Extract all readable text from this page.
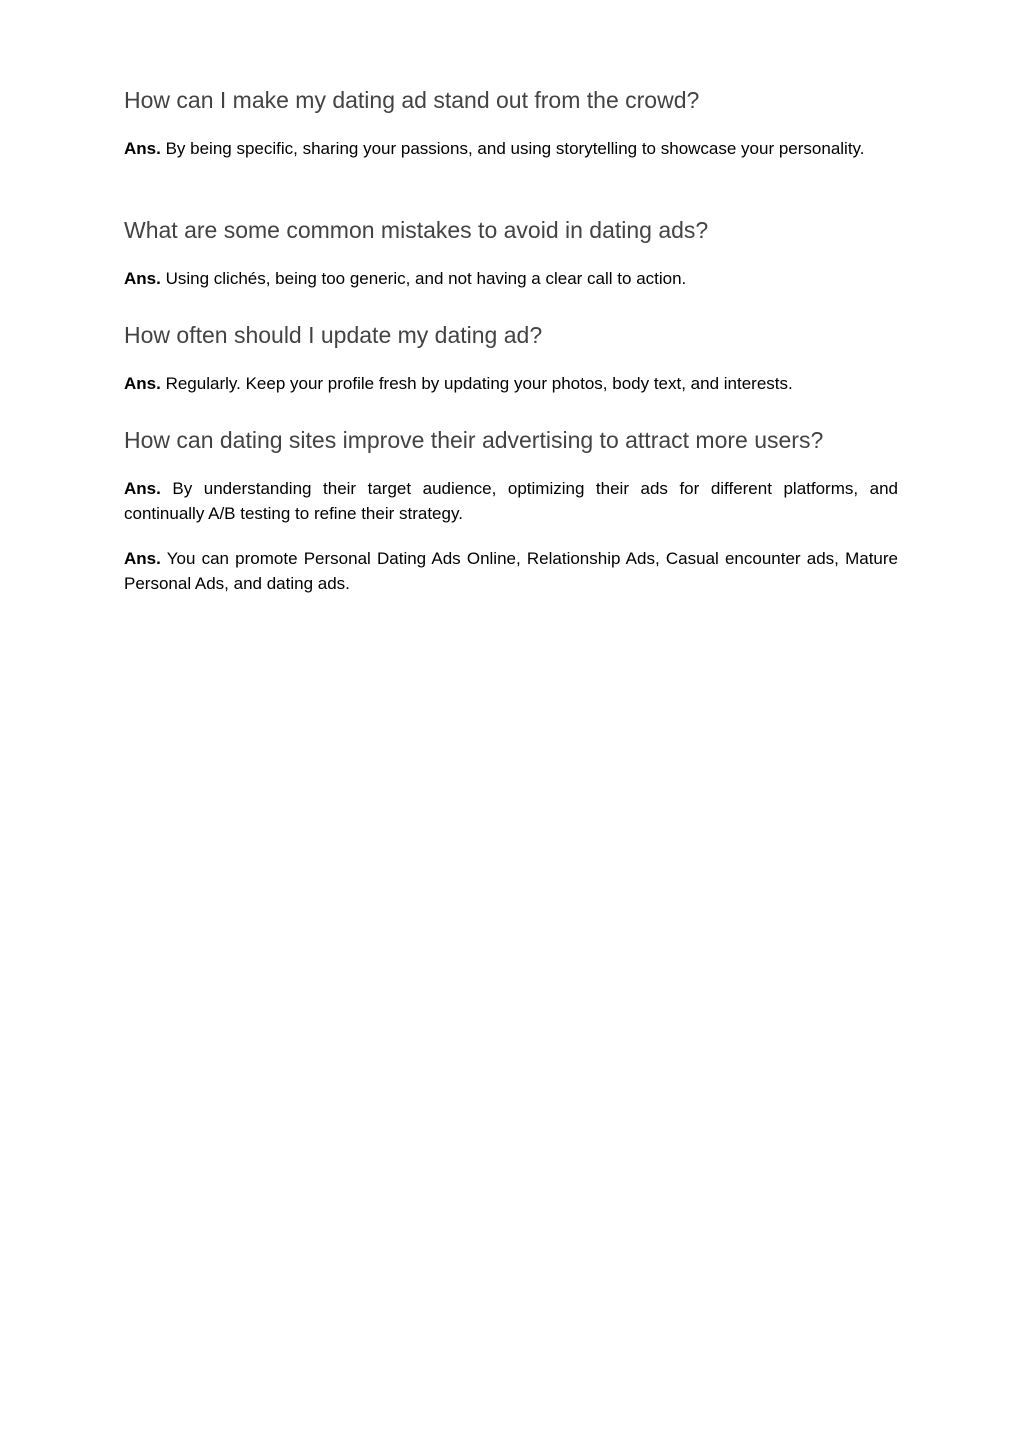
How can I make my dating ad stand out from the crowd?

Ans. By being specific, sharing your passions, and using storytelling to showcase your personality.

What are some common mistakes to avoid in dating ads?

Ans. Using clichés, being too generic, and not having a clear call to action.

How often should I update my dating ad?

Ans. Regularly. Keep your profile fresh by updating your photos, body text, and interests.

How can dating sites improve their advertising to attract more users?

Ans. By understanding their target audience, optimizing their ads for different platforms, and continually A/B testing to refine their strategy.

Ans. You can promote Personal Dating Ads Online, Relationship Ads, Casual encounter ads, Mature Personal Ads, and dating ads.
